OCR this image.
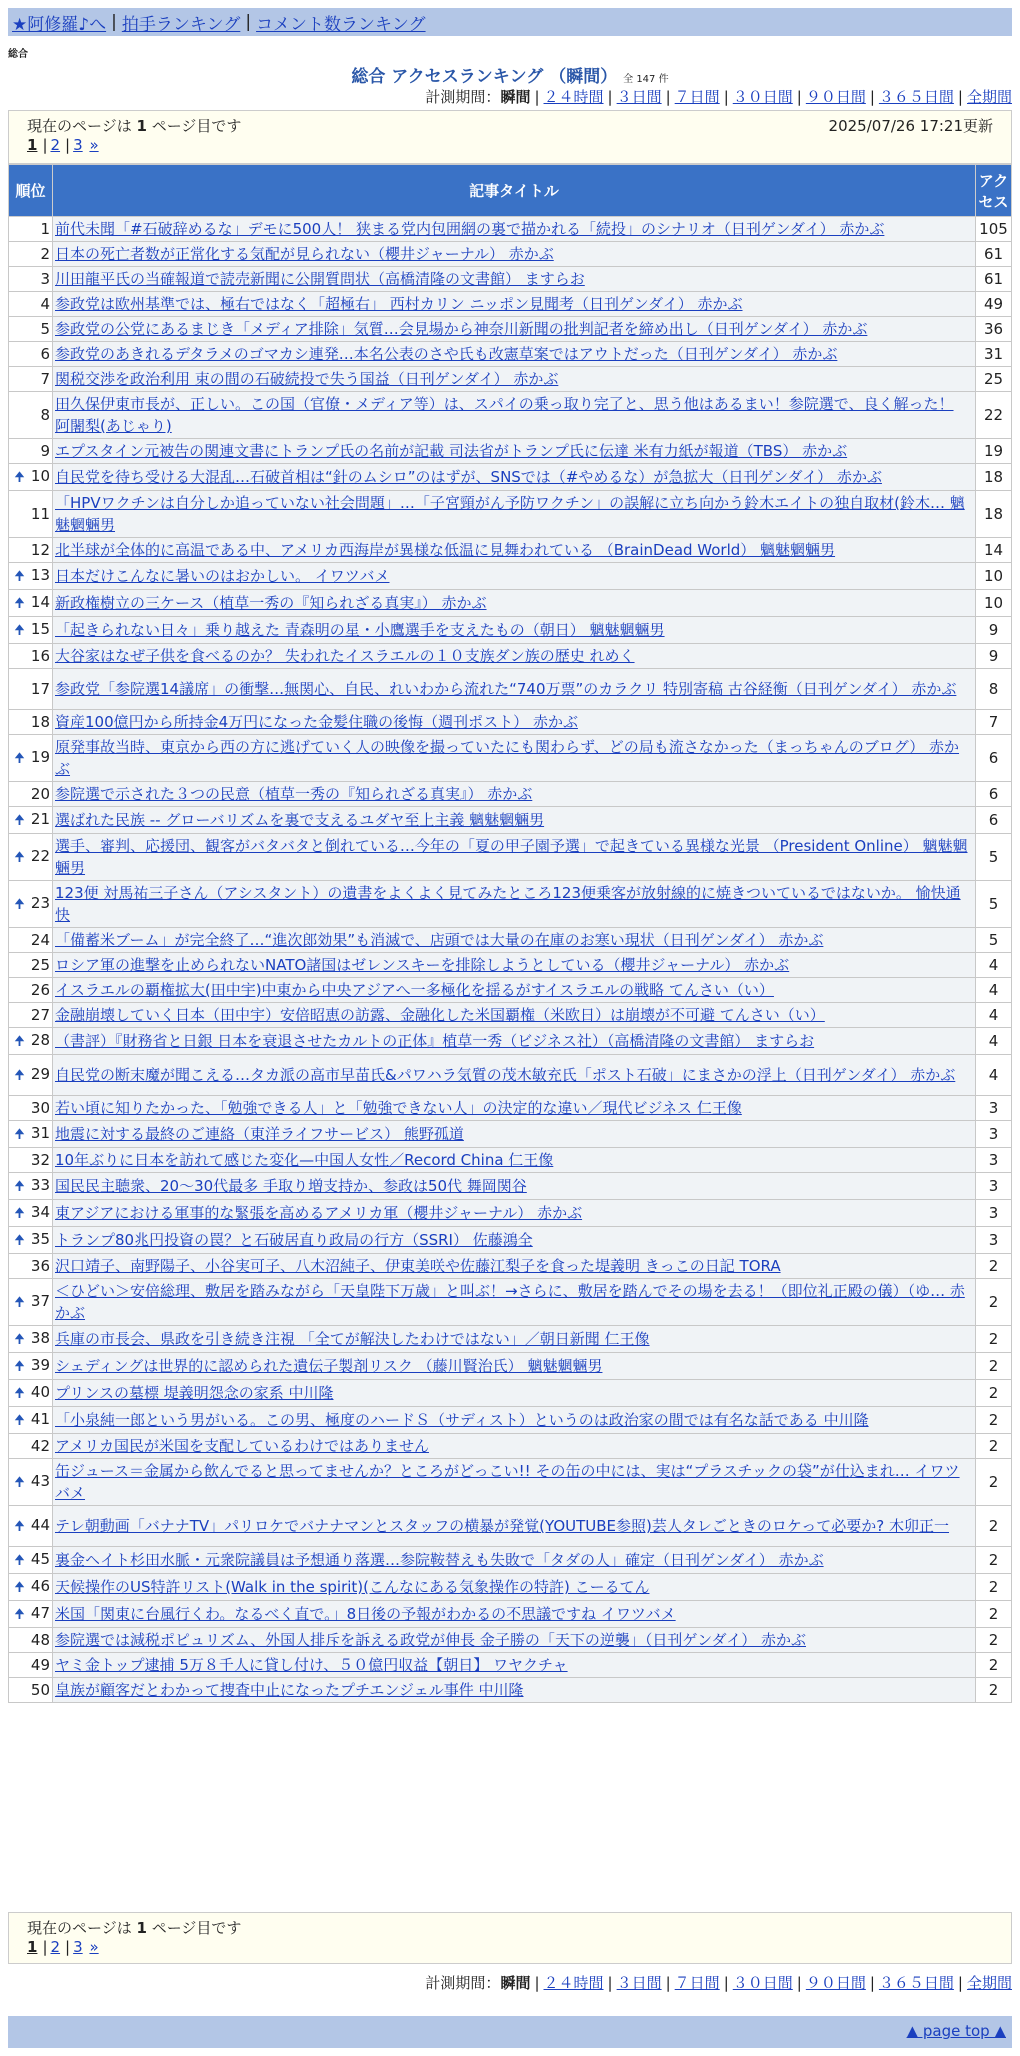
★阿修羅♪へ | 拍手ランキング | コメント数ランキング
総合
総合 アクセスランキング （瞬間） 全 147 件
計測期間：瞬間 | ２４時間 | ３日間 | ７日間 | ３０日間 | ９０日間 | ３６５日間 | 全期間
現在のページは 1 ページ目です	2025/07/26 17:21更新
1 | 2 | 3 »
順位	記事タイトル	アクセス
1	前代未聞「#石破辞めるな」デモに500人！ 狭まる党内包囲網の裏で描かれる「続投」のシナリオ（日刊ゲンダイ） 赤かぶ	105
2	日本の死亡者数が正常化する気配が見られない（櫻井ジャーナル） 赤かぶ	61
3	川田龍平氏の当確報道で読売新聞に公開質問状（高橋清隆の文書館） ますらお	61
4	参政党は欧州基準では、極右ではなく「超極右」 西村カリン ニッポン見聞考（日刊ゲンダイ） 赤かぶ	49
5	参政党の公党にあるまじき「メディア排除」気質…会見場から神奈川新聞の批判記者を締め出し（日刊ゲンダイ） 赤かぶ	36
6	参政党のあきれるデタラメのゴマカシ連発…本名公表のさや氏も改憲草案ではアウトだった（日刊ゲンダイ） 赤かぶ	31
7	関税交渉を政治利用 束の間の石破続投で失う国益（日刊ゲンダイ） 赤かぶ	25
8	田久保伊東市長が、正しい。この国（官僚・メディア等）は、スパイの乗っ取り完了と、思う他はあるまい！参院選で、良く解った！ 阿闍梨(あじゃり)	22
9	エプスタイン元被告の関連文書にトランプ氏の名前が記載 司法省がトランプ氏に伝達 米有力紙が報道（TBS） 赤かぶ	19
🠉 10	自民党を待ち受ける大混乱…石破首相は“針のムシロ”のはずが、SNSでは（#やめるな）が急拡大（日刊ゲンダイ） 赤かぶ	18
11	「HPVワクチンは自分しか追っていない社会問題」…「子宮頸がん予防ワクチン」の誤解に立ち向かう鈴木エイトの独自取材(鈴木… 魑魅魍魎男	18
12	北半球が全体的に高温である中、アメリカ西海岸が異様な低温に見舞われている （BrainDead World） 魑魅魍魎男	14
🠉 13	日本だけこんなに暑いのはおかしい。 イワツバメ	10
🠉 14	新政権樹立の三ケース（植草一秀の『知られざる真実』） 赤かぶ	10
🠉 15	「起きられない日々」乗り越えた 青森明の星・小鷹選手を支えたもの（朝日） 魑魅魍魎男	9
16	大谷家はなぜ子供を食べるのか？ 失われたイスラエルの１０支族ダン族の歴史 れめく	9
17	参政党「参院選14議席」の衝撃…無関心、自民、れいわから流れた“740万票”のカラクリ 特別寄稿 古谷経衡（日刊ゲンダイ） 赤かぶ	8
18	資産100億円から所持金4万円になった金髪住職の後悔（週刊ポスト） 赤かぶ	7
🠉 19	原発事故当時、東京から西の方に逃げていく人の映像を撮っていたにも関わらず、どの局も流さなかった（まっちゃんのブログ） 赤かぶ	6
20	参院選で示された３つの民意（植草一秀の『知られざる真実』） 赤かぶ	6
🠉 21	選ばれた民族 -- グローバリズムを裏で支えるユダヤ至上主義 魑魅魍魎男	6
🠉 22	選手、審判、応援団、観客がバタバタと倒れている…今年の「夏の甲子園予選」で起きている異様な光景 （President Online） 魑魅魍魎男	5
🠉 23	123便 対馬祐三子さん（アシスタント）の遺書をよくよく見てみたところ123便乗客が放射線的に焼きついているではないか。 愉快通快	5
24	「備蓄米ブーム」が完全終了…“進次郎効果”も消滅で、店頭では大量の在庫のお寒い現状（日刊ゲンダイ） 赤かぶ	5
25	ロシア軍の進撃を止められないNATO諸国はゼレンスキーを排除しようとしている（櫻井ジャーナル） 赤かぶ	4
26	イスラエルの覇権拡大(田中宇)中東から中央アジアへ一多極化を揺るがすイスラエルの戦略 てんさい（い）	4
27	金融崩壊していく日本（田中宇）安倍昭恵の訪露、金融化した米国覇権（米欧日）は崩壊が不可避 てんさい（い）	4
🠉 28	（書評）『財務省と日銀 日本を衰退させたカルトの正体』植草一秀（ビジネス社）（高橋清隆の文書館） ますらお	4
🠉 29	自民党の断末魔が聞こえる…タカ派の高市早苗氏&パワハラ気質の茂木敏充氏「ポスト石破」にまさかの浮上（日刊ゲンダイ） 赤かぶ	4
30	若い頃に知りたかった、「勉強できる人」と「勉強できない人」の決定的な違い／現代ビジネス 仁王像	3
🠉 31	地震に対する最終のご連絡（東洋ライフサービス） 熊野孤道	3
32	10年ぶりに日本を訪れて感じた変化—中国人女性／Record China 仁王像	3
🠉 33	国民民主聴衆、20～30代最多 手取り増支持か、参政は50代 舞岡関谷	3
🠉 34	東アジアにおける軍事的な緊張を高めるアメリカ軍（櫻井ジャーナル） 赤かぶ	3
🠉 35	トランプ80兆円投資の罠？と石破居直り政局の行方（SSRI） 佐藤鴻全	3
36	沢口靖子、南野陽子、小谷実可子、八木沼純子、伊東美咲や佐藤江梨子を食った堤義明 きっこの日記 TORA	2
🠉 37	＜ひどい＞安倍総理、敷居を踏みながら「天皇陛下万歳」と叫ぶ！→さらに、敷居を踏んでその場を去る！（即位礼正殿の儀）（ゆ… 赤かぶ	2
🠉 38	兵庫の市長会、県政を引き続き注視 「全てが解決したわけではない」／朝日新聞 仁王像	2
🠉 39	シェディングは世界的に認められた遺伝子製剤リスク （藤川賢治氏） 魑魅魍魎男	2
🠉 40	プリンスの墓標 堤義明怨念の家系 中川隆	2
🠉 41	「小泉純一郎という男がいる。この男、極度のハードＳ（サディスト）というのは政治家の間では有名な話である 中川隆	2
42	アメリカ国民が米国を支配しているわけではありません	2
🠉 43	缶ジュース＝金属から飲んでると思ってませんか？ところがどっこい!! その缶の中には、実は“プラスチックの袋”が仕込まれ… イワツバメ	2
🠉 44	テレ朝動画「バナナTV」パリロケでバナナマンとスタッフの横暴が発覚(YOUTUBE参照)芸人タレごときのロケって必要か? 木卯正一	2
🠉 45	裏金ヘイト杉田水脈・元衆院議員は予想通り落選…参院鞍替えも失敗で「タダの人」確定（日刊ゲンダイ） 赤かぶ	2
🠉 46	天候操作のUS特許リスト(Walk in the spirit)(こんなにある気象操作の特許) こーるてん	2
🠉 47	米国「関東に台風行くわ。なるべく直で。」8日後の予報がわかるの不思議ですね イワツバメ	2
48	参院選では減税ポピュリズム、外国人排斥を訴える政党が伸長 金子勝の「天下の逆襲」（日刊ゲンダイ） 赤かぶ	2
49	ヤミ金トップ逮捕 5万８千人に貸し付け、５０億円収益【朝日】 ワヤクチャ	2
50	皇族が顧客だとわかって捜査中止になったプチエンジェル事件 中川隆	2
現在のページは 1 ページ目です
1 | 2 | 3 »
計測期間：瞬間 | ２４時間 | ３日間 | ７日間 | ３０日間 | ９０日間 | ３６５日間 | 全期間
▲ page top ▲
